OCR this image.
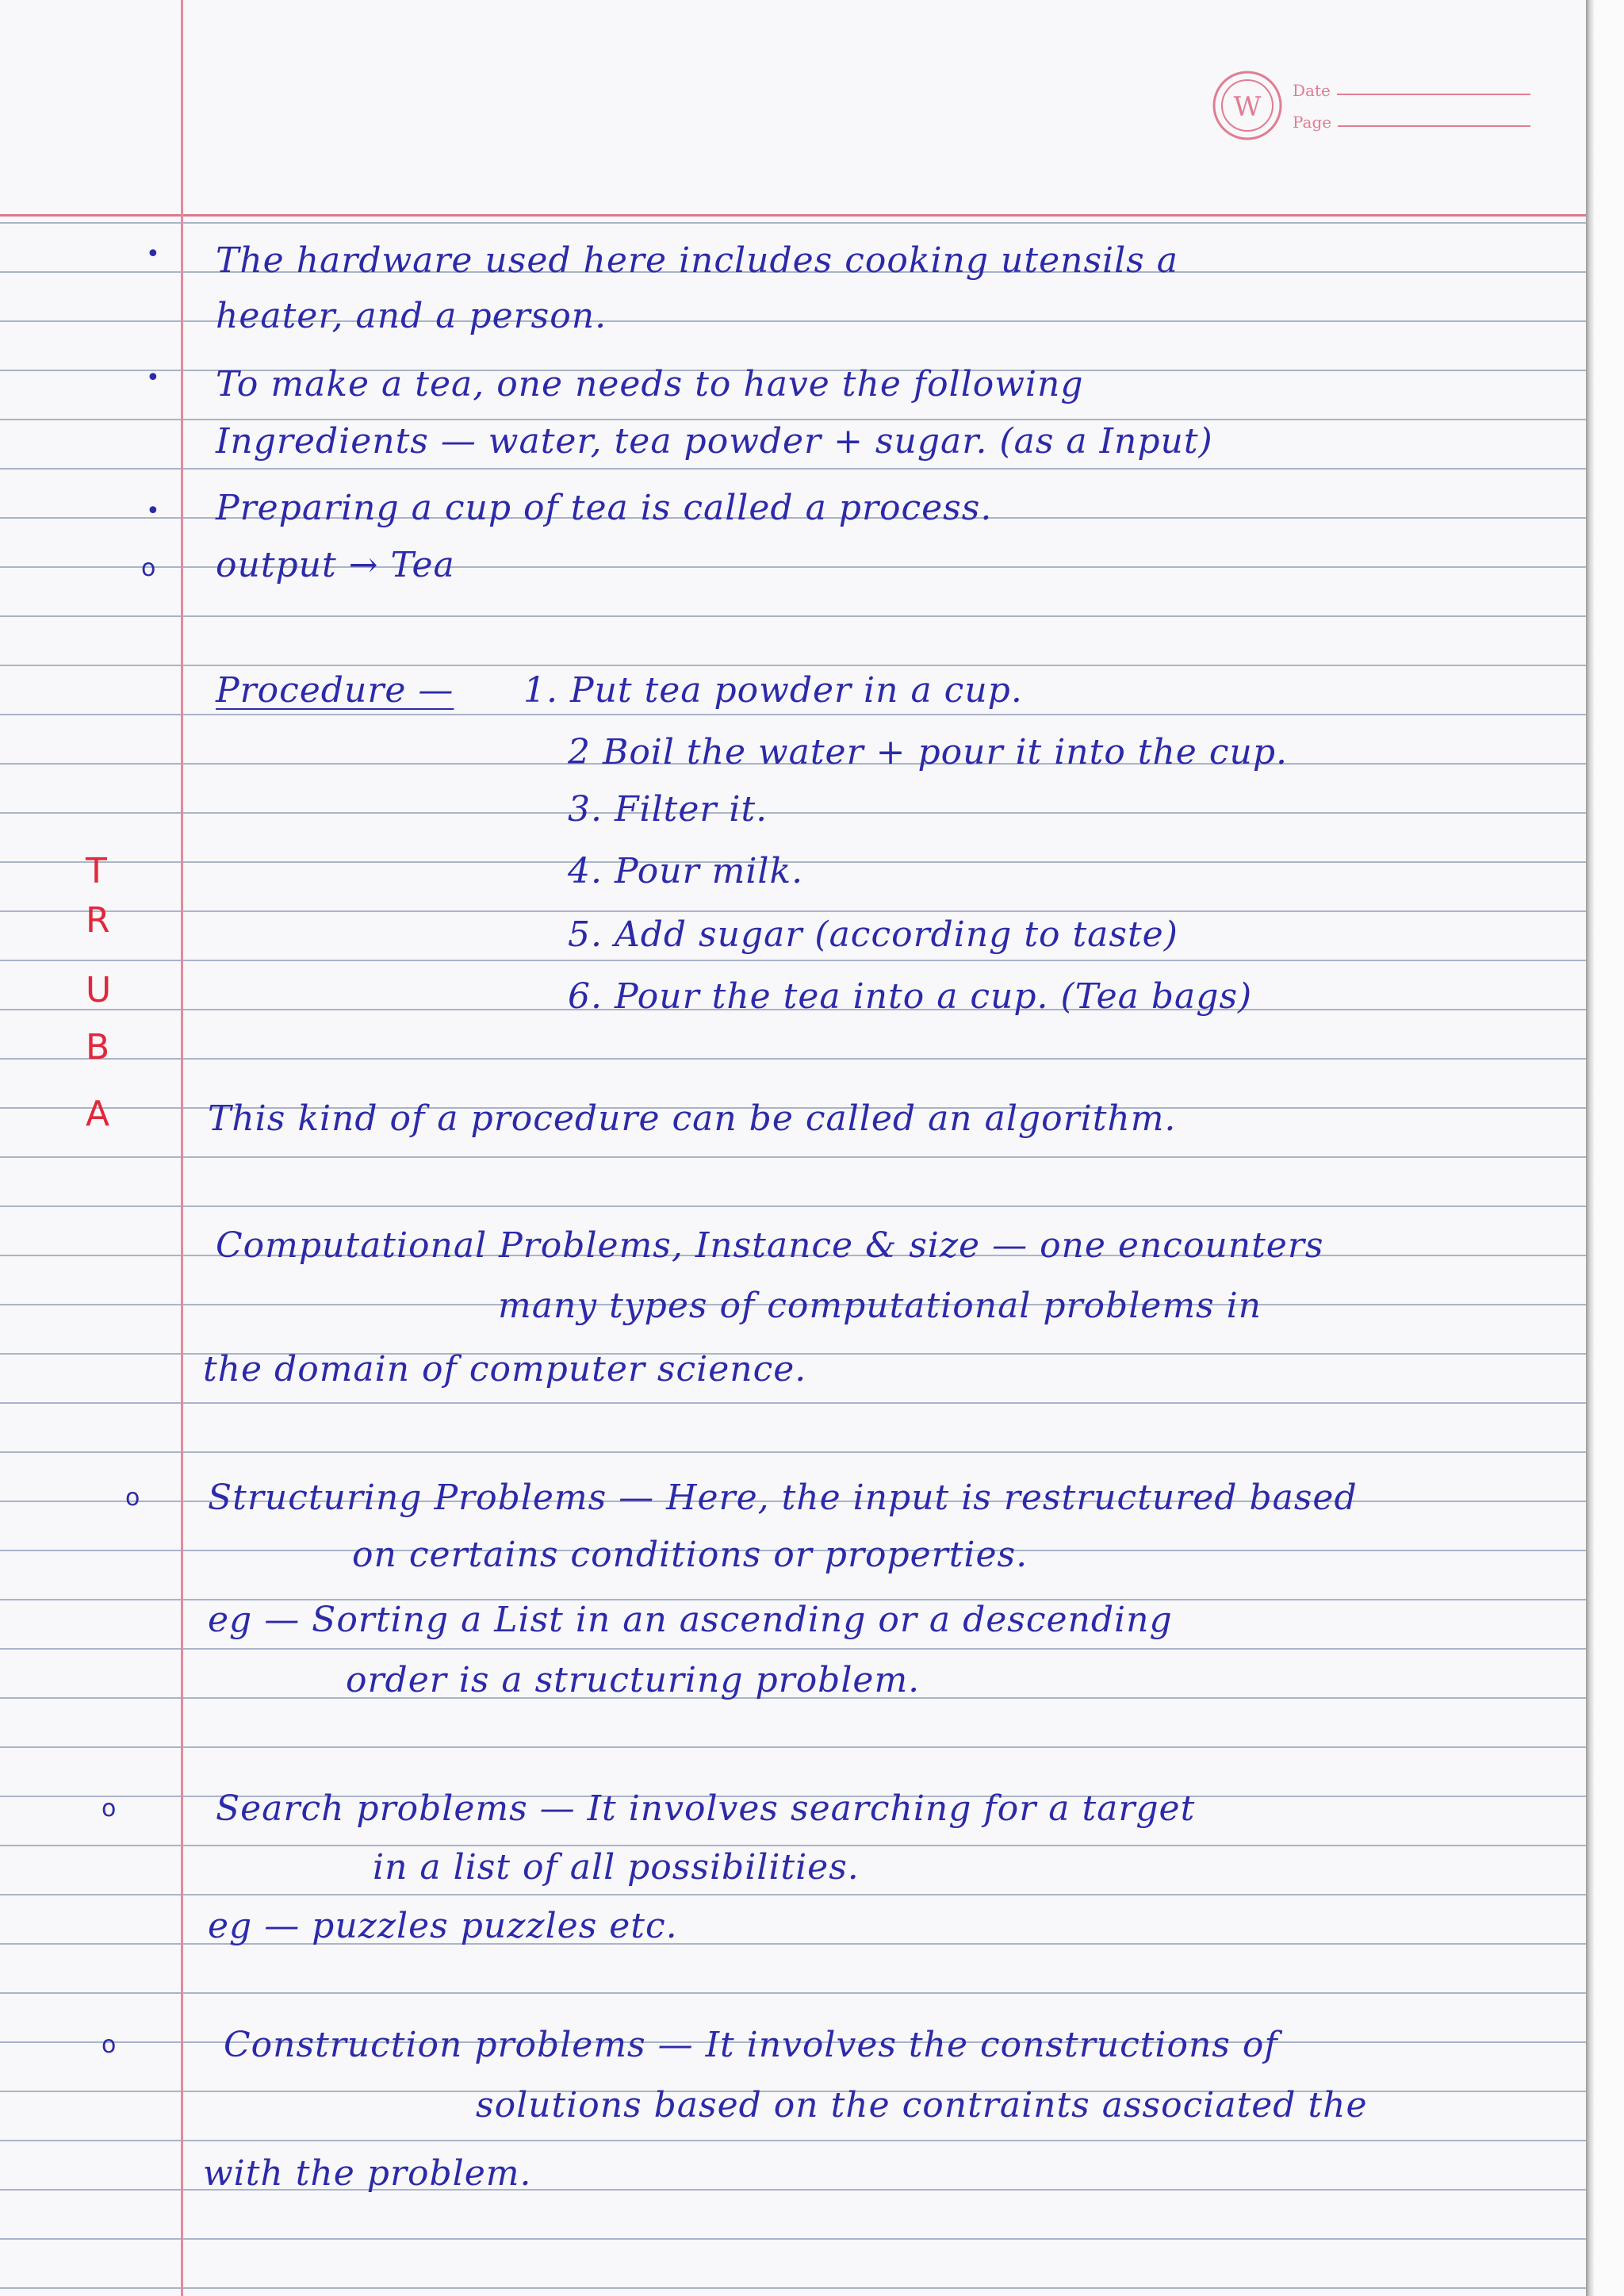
W
Date
Page
T
R
U
B
A
•
•
•
o
o
o
o
The hardware used here includes cooking utensils a
heater, and a person.
To make a tea, one needs to have the following
Ingredients — water, tea powder + sugar. (as a Input)
Preparing a cup of tea is called a process.
output → Tea
Procedure — 1. Put tea powder in a cup.
2 Boil the water + pour it into the cup.
3. Filter it.
4. Pour milk.
5. Add sugar (according to taste)
6. Pour the tea into a cup. (Tea bags)
This kind of a procedure can be called an algorithm.
Computational Problems, Instance & size — one encounters
many types of computational problems in
the domain of computer science.
Structuring Problems — Here, the input is restructured based
on certains conditions or properties.
eg — Sorting a List in an ascending or a descending
order is a structuring problem.
Search problems — It involves searching for a target
in a list of all possibilities.
eg — puzzles puzzles etc.
Construction problems — It involves the constructions of
solutions based on the contraints associated the
with the problem.
